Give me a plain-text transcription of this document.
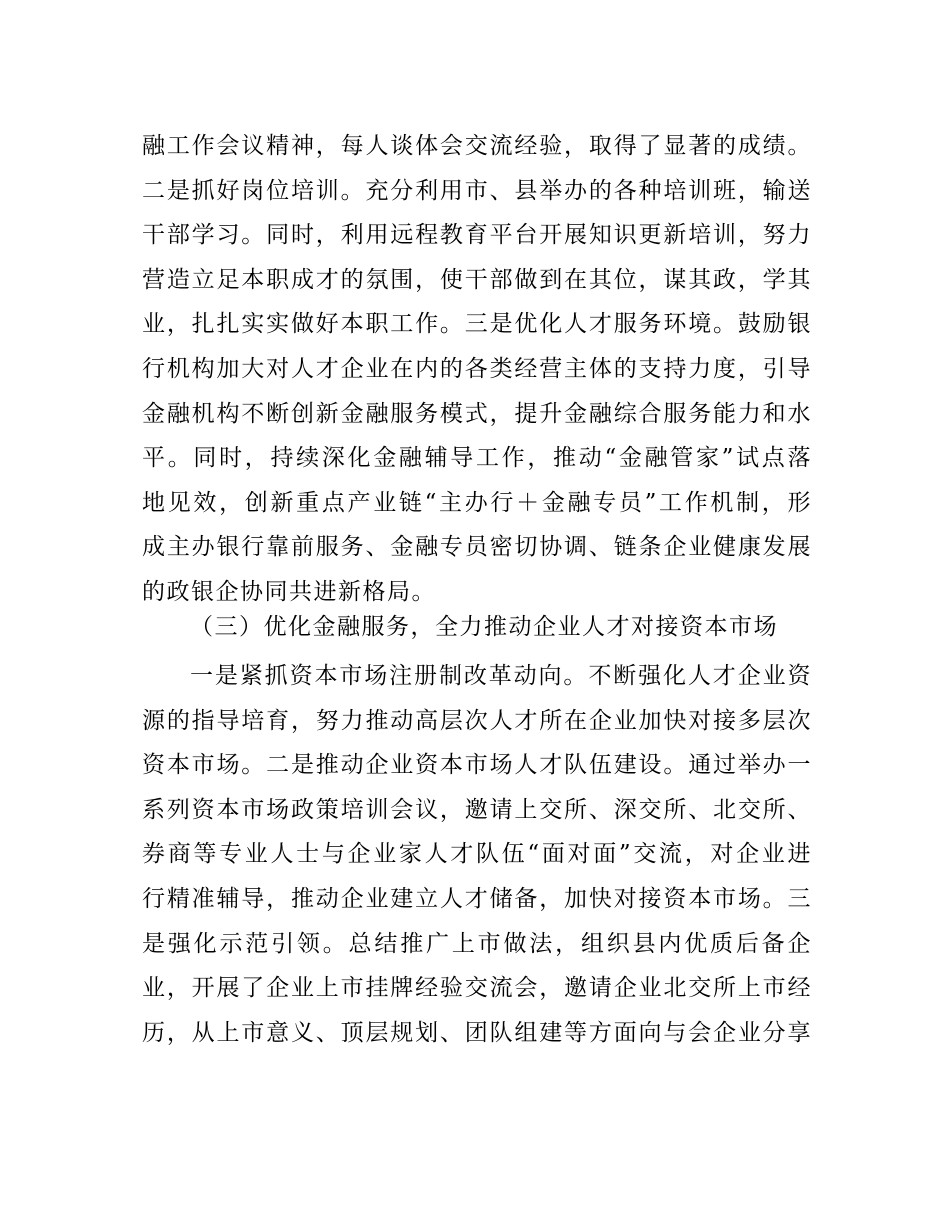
融工作会议精神，每人谈体会交流经验，取得了显著的成绩。
二是抓好岗位培训。充分利用市、县举办的各种培训班，输送
干部学习。同时，利用远程教育平台开展知识更新培训，努力
营造立足本职成才的氛围，使干部做到在其位，谋其政，学其
业，扎扎实实做好本职工作。三是优化人才服务环境。鼓励银
行机构加大对人才企业在内的各类经营主体的支持力度，引导
金融机构不断创新金融服务模式，提升金融综合服务能力和水
平。同时，持续深化金融辅导工作，推动“金融管家”试点落
地见效，创新重点产业链“主办行＋金融专员”工作机制，形
成主办银行靠前服务、金融专员密切协调、链条企业健康发展
的政银企协同共进新格局。
（三）优化金融服务，全力推动企业人才对接资本市场
一是紧抓资本市场注册制改革动向。不断强化人才企业资
源的指导培育，努力推动高层次人才所在企业加快对接多层次
资本市场。二是推动企业资本市场人才队伍建设。通过举办一
系列资本市场政策培训会议，邀请上交所、深交所、北交所、
券商等专业人士与企业家人才队伍“面对面”交流，对企业进
行精准辅导，推动企业建立人才储备，加快对接资本市场。三
是强化示范引领。总结推广上市做法，组织县内优质后备企
业，开展了企业上市挂牌经验交流会，邀请企业北交所上市经
历，从上市意义、顶层规划、团队组建等方面向与会企业分享
